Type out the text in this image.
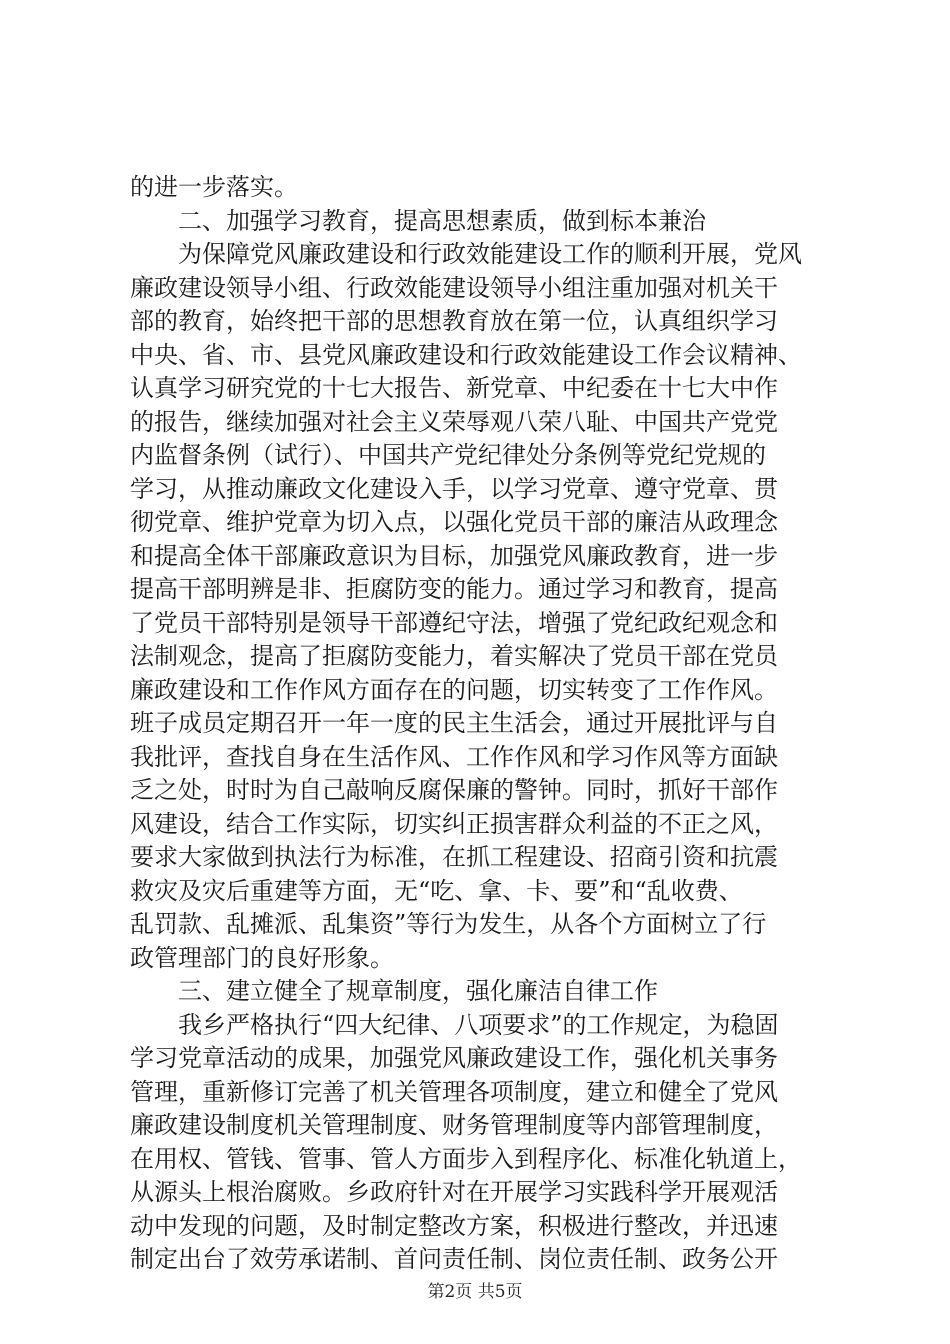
的进一步落实。
　　二、加强学习教育，提高思想素质，做到标本兼治
　　为保障党风廉政建设和行政效能建设工作的顺利开展，党风
廉政建设领导小组、行政效能建设领导小组注重加强对机关干
部的教育，始终把干部的思想教育放在第一位，认真组织学习
中央、省、市、县党风廉政建设和行政效能建设工作会议精神、
认真学习研究党的十七大报告、新党章、中纪委在十七大中作
的报告，继续加强对社会主义荣辱观八荣八耻、中国共产党党
内监督条例（试行）、中国共产党纪律处分条例等党纪党规的
学习，从推动廉政文化建设入手，以学习党章、遵守党章、贯
彻党章、维护党章为切入点，以强化党员干部的廉洁从政理念
和提高全体干部廉政意识为目标，加强党风廉政教育，进一步
提高干部明辨是非、拒腐防变的能力。通过学习和教育，提高
了党员干部特别是领导干部遵纪守法，增强了党纪政纪观念和
法制观念，提高了拒腐防变能力，着实解决了党员干部在党员
廉政建设和工作作风方面存在的问题，切实转变了工作作风。
班子成员定期召开一年一度的民主生活会，通过开展批评与自
我批评，查找自身在生活作风、工作作风和学习作风等方面缺
乏之处，时时为自己敲响反腐保廉的警钟。同时，抓好干部作
风建设，结合工作实际，切实纠正损害群众利益的不正之风，
要求大家做到执法行为标准，在抓工程建设、招商引资和抗震
救灾及灾后重建等方面，无“吃、拿、卡、要”和“乱收费、
乱罚款、乱摊派、乱集资”等行为发生，从各个方面树立了行
政管理部门的良好形象。
　　三、建立健全了规章制度，强化廉洁自律工作
　　我乡严格执行“四大纪律、八项要求”的工作规定，为稳固
学习党章活动的成果，加强党风廉政建设工作，强化机关事务
管理，重新修订完善了机关管理各项制度，建立和健全了党风
廉政建设制度机关管理制度、财务管理制度等内部管理制度，
在用权、管钱、管事、管人方面步入到程序化、标准化轨道上，
从源头上根治腐败。乡政府针对在开展学习实践科学开展观活
动中发现的问题，及时制定整改方案，积极进行整改，并迅速
制定出台了效劳承诺制、首问责任制、岗位责任制、政务公开
第2页 共5页
